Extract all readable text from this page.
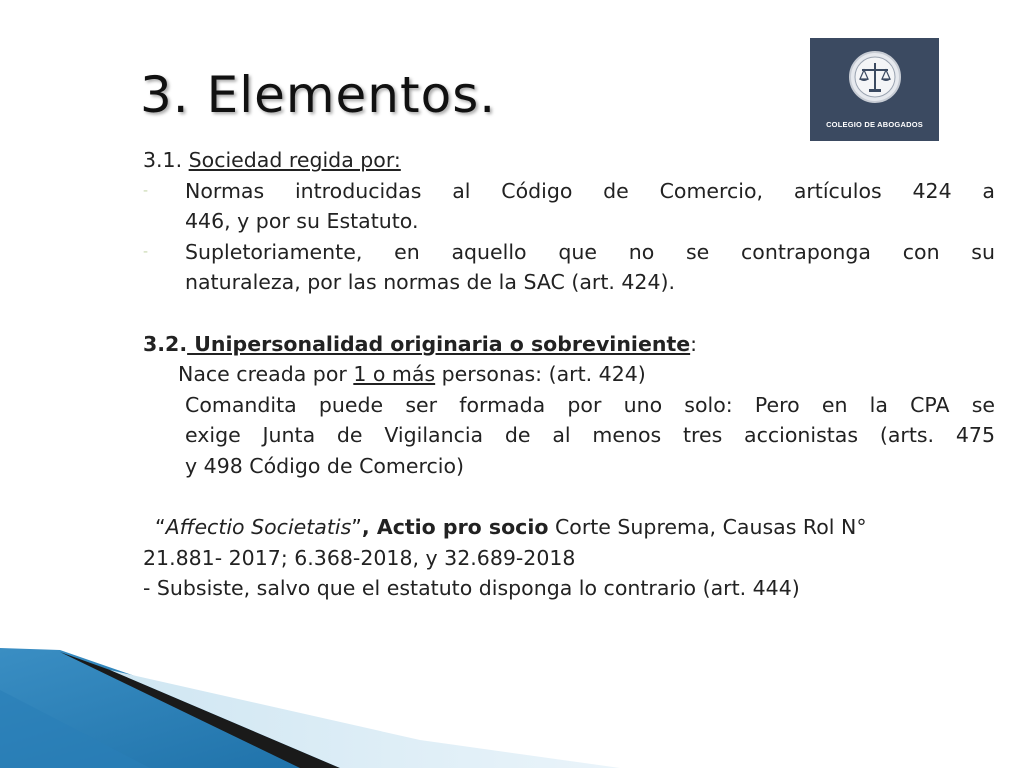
3. Elementos.
COLEGIO DE ABOGADOS
3.1. Sociedad regida por:
- Normas introducidas al Código de Comercio, artículos 424 a
446, y por su Estatuto.
- Supletoriamente, en aquello que no se contraponga con su
naturaleza, por las normas de la SAC (art. 424).
3.2. Unipersonalidad originaria o sobreviniente:
Nace creada por 1 o más personas: (art. 424)
Comandita puede ser formada por uno solo: Pero en la CPA se
exige Junta de Vigilancia de al menos tres accionistas (arts. 475
y 498 Código de Comercio)
“Affectio Societatis”, Actio pro socio Corte Suprema, Causas Rol N°
21.881- 2017; 6.368-2018, y 32.689-2018
- Subsiste, salvo que el estatuto disponga lo contrario (art. 444)
